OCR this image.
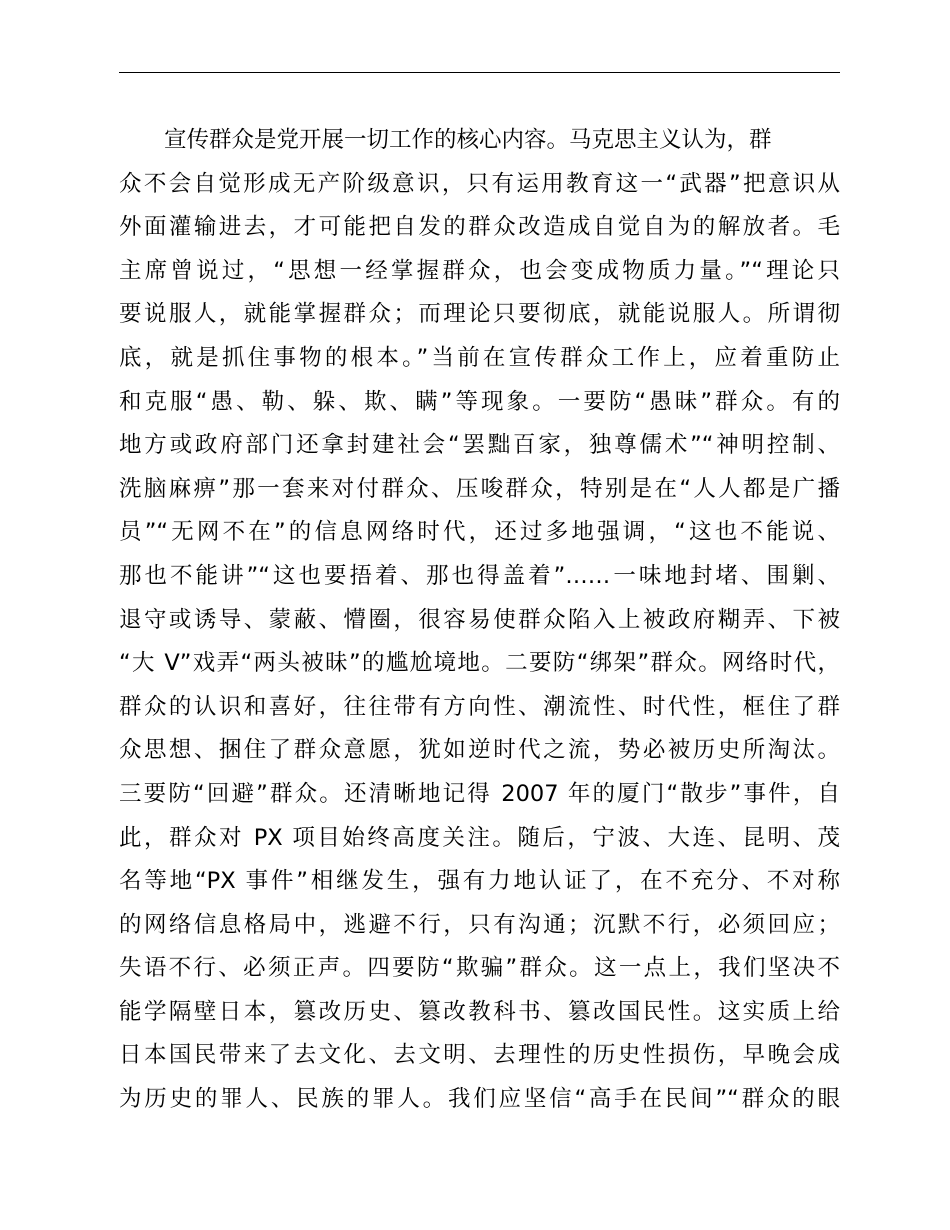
宣传群众是党开展一切工作的核心内容。马克思主义认为，群
众不会自觉形成无产阶级意识，只有运用教育这一“武器”把意识从
外面灌输进去，才可能把自发的群众改造成自觉自为的解放者。毛
主席曾说过，“思想一经掌握群众，也会变成物质力量。”“理论只
要说服人，就能掌握群众；而理论只要彻底，就能说服人。所谓彻
底，就是抓住事物的根本。”当前在宣传群众工作上，应着重防止
和克服“愚、勒、躲、欺、瞒”等现象。一要防“愚昧”群众。有的
地方或政府部门还拿封建社会“罢黜百家，独尊儒术”“神明控制、
洗脑麻痹”那一套来对付群众、压唆群众，特别是在“人人都是广播
员”“无网不在”的信息网络时代，还过多地强调，“这也不能说、
那也不能讲”“这也要捂着、那也得盖着”……一味地封堵、围剿、
退守或诱导、蒙蔽、懵圈，很容易使群众陷入上被政府糊弄、下被
“大 V”戏弄“两头被昧”的尴尬境地。二要防“绑架”群众。网络时代，
群众的认识和喜好，往往带有方向性、潮流性、时代性，框住了群
众思想、捆住了群众意愿，犹如逆时代之流，势必被历史所淘汰。
三要防“回避”群众。还清晰地记得 2007 年的厦门“散步”事件，自
此，群众对 PX 项目始终高度关注。随后，宁波、大连、昆明、茂
名等地“PX 事件”相继发生，强有力地认证了，在不充分、不对称
的网络信息格局中，逃避不行，只有沟通；沉默不行，必须回应；
失语不行、必须正声。四要防“欺骗”群众。这一点上，我们坚决不
能学隔壁日本，篡改历史、篡改教科书、篡改国民性。这实质上给
日本国民带来了去文化、去文明、去理性的历史性损伤，早晚会成
为历史的罪人、民族的罪人。我们应坚信“高手在民间”“群众的眼
